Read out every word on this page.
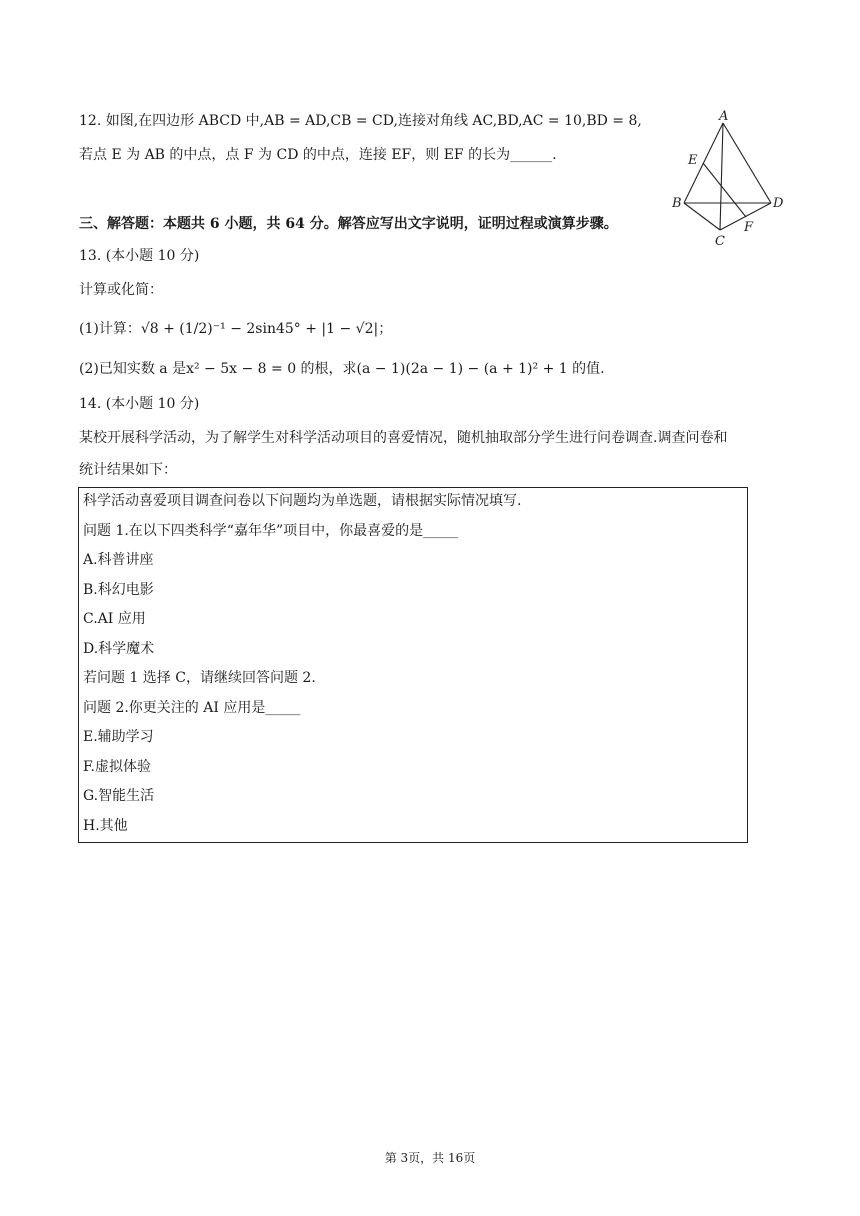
12. 如图,在四边形 ABCD 中,AB = AD,CB = CD,连接对角线 AC,BD,AC = 10,BD = 8,
若点 E 为 AB 的中点，点 F 为 CD 的中点，连接 EF，则 EF 的长为______.
A
B
C
D
E
F
三、解答题：本题共 6 小题，共 64 分。解答应写出文字说明，证明过程或演算步骤。
13. (本小题 10 分)
计算或化简：
(1)计算：√8 + (1/2)⁻¹ − 2sin45° + |1 − √2|；
(2)已知实数 a 是x² − 5x − 8 = 0 的根，求(a − 1)(2a − 1) − (a + 1)² + 1 的值.
14. (本小题 10 分)
某校开展科学活动，为了解学生对科学活动项目的喜爱情况，随机抽取部分学生进行问卷调查.调查问卷和
统计结果如下：
科学活动喜爱项目调查问卷以下问题均为单选题，请根据实际情况填写.
问题 1.在以下四类科学“嘉年华”项目中，你最喜爱的是_____
A.科普讲座
B.科幻电影
C.AI 应用
D.科学魔术
若问题 1 选择 C，请继续回答问题 2.
问题 2.你更关注的 AI 应用是_____
E.辅助学习
F.虚拟体验
G.智能生活
H.其他
第 3页，共 16页
